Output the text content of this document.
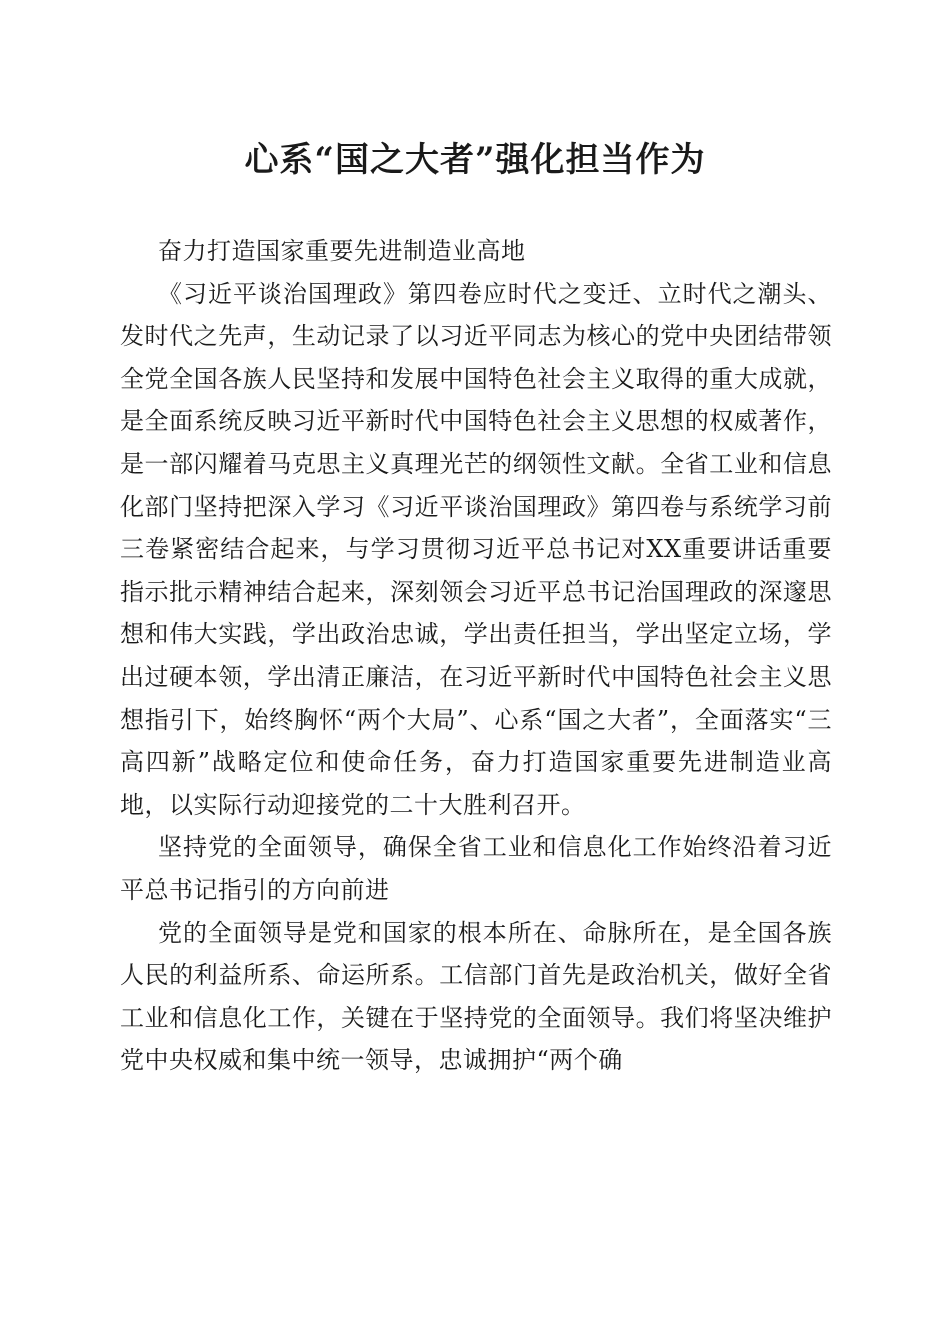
心系“国之大者”强化担当作为

奋力打造国家重要先进制造业高地

《习近平谈治国理政》第四卷应时代之变迁、立时代之潮头、发时代之先声，生动记录了以习近平同志为核心的党中央团结带领全党全国各族人民坚持和发展中国特色社会主义取得的重大成就，是全面系统反映习近平新时代中国特色社会主义思想的权威著作，是一部闪耀着马克思主义真理光芒的纲领性文献。全省工业和信息化部门坚持把深入学习《习近平谈治国理政》第四卷与系统学习前三卷紧密结合起来，与学习贯彻习近平总书记对XX重要讲话重要指示批示精神结合起来，深刻领会习近平总书记治国理政的深邃思想和伟大实践，学出政治忠诚，学出责任担当，学出坚定立场，学出过硬本领，学出清正廉洁，在习近平新时代中国特色社会主义思想指引下，始终胸怀“两个大局”、心系“国之大者”，全面落实“三高四新”战略定位和使命任务，奋力打造国家重要先进制造业高地，以实际行动迎接党的二十大胜利召开。

坚持党的全面领导，确保全省工业和信息化工作始终沿着习近平总书记指引的方向前进

党的全面领导是党和国家的根本所在、命脉所在，是全国各族人民的利益所系、命运所系。工信部门首先是政治机关，做好全省工业和信息化工作，关键在于坚持党的全面领导。我们将坚决维护党中央权威和集中统一领导，忠诚拥护“两个确
